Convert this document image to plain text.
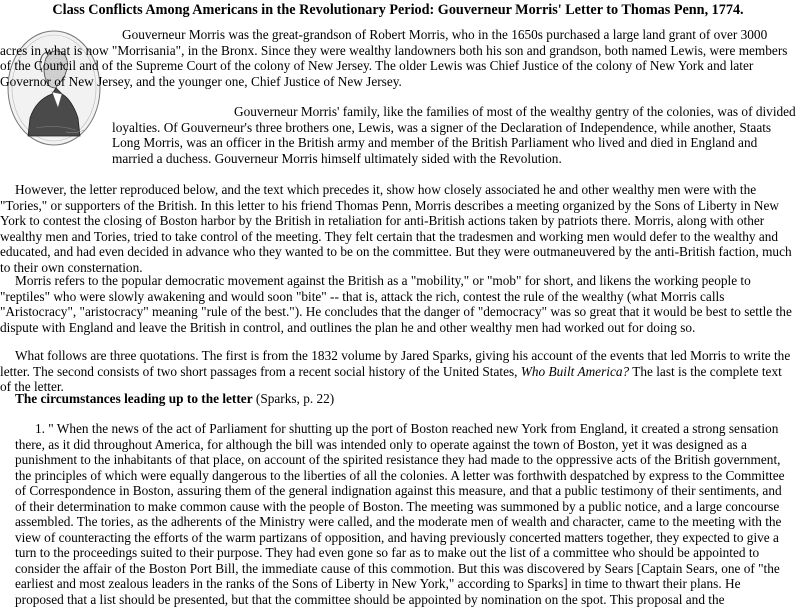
Class Conflicts Among Americans in the Revolutionary Period: Gouverneur Morris' Letter to Thomas Penn, 1774.

Gouverneur Morris was the great-grandson of Robert Morris, who in the 1650s purchased a large land grant of over 3000 acres in what is now "Morrisania", in the Bronx. Since they were wealthy landowners both his son and grandson, both named Lewis, were members of the Council and of the Supreme Court of the colony of New Jersey. The older Lewis was Chief Justice of the colony of New York and later Governor of New Jersey, and the younger one, Chief Justice of New Jersey.

Gouverneur Morris' family, like the families of most of the wealthy gentry of the colonies, was of divided loyalties. Of Gouverneur's three brothers one, Lewis, was a signer of the Declaration of Independence, while another, Staats Long Morris, was an officer in the British army and member of the British Parliament who lived and died in England and married a duchess. Gouverneur Morris himself ultimately sided with the Revolution.

However, the letter reproduced below, and the text which precedes it, show how closely associated he and other wealthy men were with the "Tories," or supporters of the British. In this letter to his friend Thomas Penn, Morris describes a meeting organized by the Sons of Liberty in New York to contest the closing of Boston harbor by the British in retaliation for anti-British actions taken by patriots there. Morris, along with other wealthy men and Tories, tried to take control of the meeting. They felt certain that the tradesmen and working men would defer to the wealthy and educated, and had even decided in advance who they wanted to be on the committee. But they were outmaneuvered by the anti-British faction, much to their own consternation.

Morris refers to the popular democratic movement against the British as a "mobility," or "mob" for short, and likens the working people to "reptiles" who were slowly awakening and would soon "bite" -- that is, attack the rich, contest the rule of the wealthy (what Morris calls "Aristocracy", "aristocracy" meaning "rule of the best."). He concludes that the danger of "democracy" was so great that it would be best to settle the dispute with England and leave the British in control, and outlines the plan he and other wealthy men had worked out for doing so.

What follows are three quotations. The first is from the 1832 volume by Jared Sparks, giving his account of the events that led Morris to write the letter. The second consists of two short passages from a recent social history of the United States, Who Built America? The last is the complete text of the letter.

The circumstances leading up to the letter (Sparks, p. 22)

1. " When the news of the act of Parliament for shutting up the port of Boston reached new York from England, it created a strong sensation there, as it did throughout America, for although the bill was intended only to operate against the town of Boston, yet it was designed as a punishment to the inhabitants of that place, on account of the spirited resistance they had made to the oppressive acts of the British government, the principles of which were equally dangerous to the liberties of all the colonies. A letter was forthwith despatched by express to the Committee of Correspondence in Boston, assuring them of the general indignation against this measure, and that a public testimony of their sentiments, and of their determination to make common cause with the people of Boston. The meeting was summoned by a public notice, and a large concourse assembled. The tories, as the adherents of the Ministry were called, and the moderate men of wealth and character, came to the meeting with the view of counteracting the efforts of the warm partizans of opposition, and having previously concerted matters together, they expected to give a turn to the proceedings suited to their purpose. They had even gone so far as to make out the list of a committee who should be appointed to consider the affair of the Boston Port Bill, the immediate cause of this commotion. But this was discovered by Sears [Captain Sears, one of "the earliest and most zealous leaders in the ranks of the Sons of Liberty in New York," according to Sparks] in time to thwart their plans. He proposed that a list should be presented, but that the committee should be appointed by nomination on the spot. This proposal and the
